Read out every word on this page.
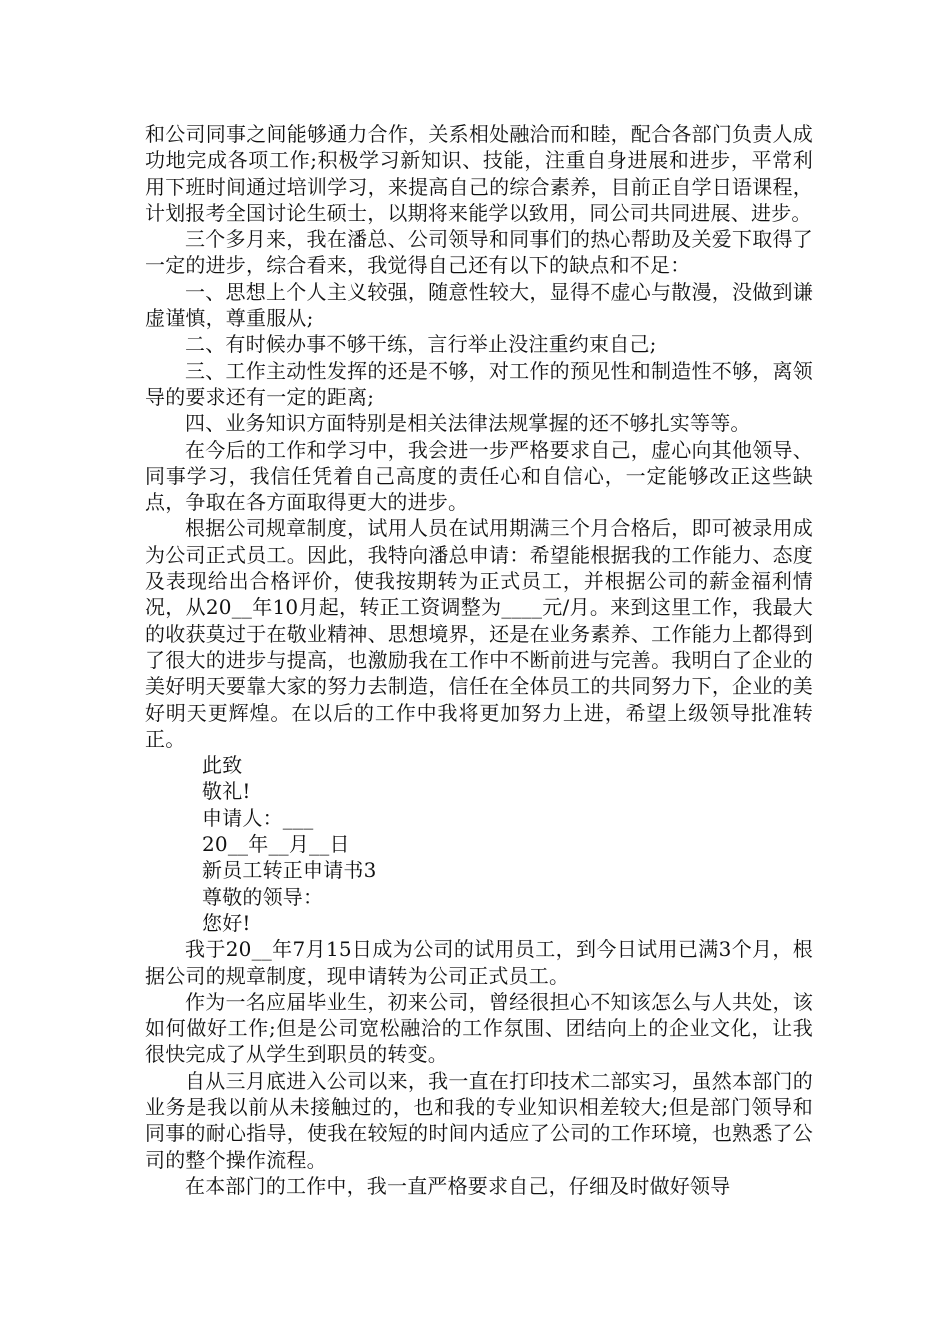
和公司同事之间能够通力合作，关系相处融洽而和睦，配合各部门负责人成功地完成各项工作;积极学习新知识、技能，注重自身进展和进步，平常利用下班时间通过培训学习，来提高自己的综合素养，目前正自学日语课程，计划报考全国讨论生硕士，以期将来能学以致用，同公司共同进展、进步。

三个多月来，我在潘总、公司领导和同事们的热心帮助及关爱下取得了一定的进步，综合看来，我觉得自己还有以下的缺点和不足：

一、思想上个人主义较强，随意性较大，显得不虚心与散漫，没做到谦虚谨慎，尊重服从;

二、有时候办事不够干练，言行举止没注重约束自己;

三、工作主动性发挥的还是不够，对工作的预见性和制造性不够，离领导的要求还有一定的距离;

四、业务知识方面特别是相关法律法规掌握的还不够扎实等等。

在今后的工作和学习中，我会进一步严格要求自己，虚心向其他领导、同事学习，我信任凭着自己高度的责任心和自信心，一定能够改正这些缺点，争取在各方面取得更大的进步。

根据公司规章制度，试用人员在试用期满三个月合格后，即可被录用成为公司正式员工。因此，我特向潘总申请：希望能根据我的工作能力、态度及表现给出合格评价，使我按期转为正式员工，并根据公司的薪金福利情况，从20__年10月起，转正工资调整为____元/月。来到这里工作，我最大的收获莫过于在敬业精神、思想境界，还是在业务素养、工作能力上都得到了很大的进步与提高，也激励我在工作中不断前进与完善。我明白了企业的美好明天要靠大家的努力去制造，信任在全体员工的共同努力下，企业的美好明天更辉煌。在以后的工作中我将更加努力上进，希望上级领导批准转正。

此致

敬礼!

申请人：___

20__年__月__日

新员工转正申请书3

尊敬的领导：

您好!

我于20__年7月15日成为公司的试用员工，到今日试用已满3个月，根据公司的规章制度，现申请转为公司正式员工。

作为一名应届毕业生，初来公司，曾经很担心不知该怎么与人共处，该如何做好工作;但是公司宽松融洽的工作氛围、团结向上的企业文化，让我很快完成了从学生到职员的转变。

自从三月底进入公司以来，我一直在打印技术二部实习，虽然本部门的业务是我以前从未接触过的，也和我的专业知识相差较大;但是部门领导和同事的耐心指导，使我在较短的时间内适应了公司的工作环境，也熟悉了公司的整个操作流程。

在本部门的工作中，我一直严格要求自己，仔细及时做好领导
